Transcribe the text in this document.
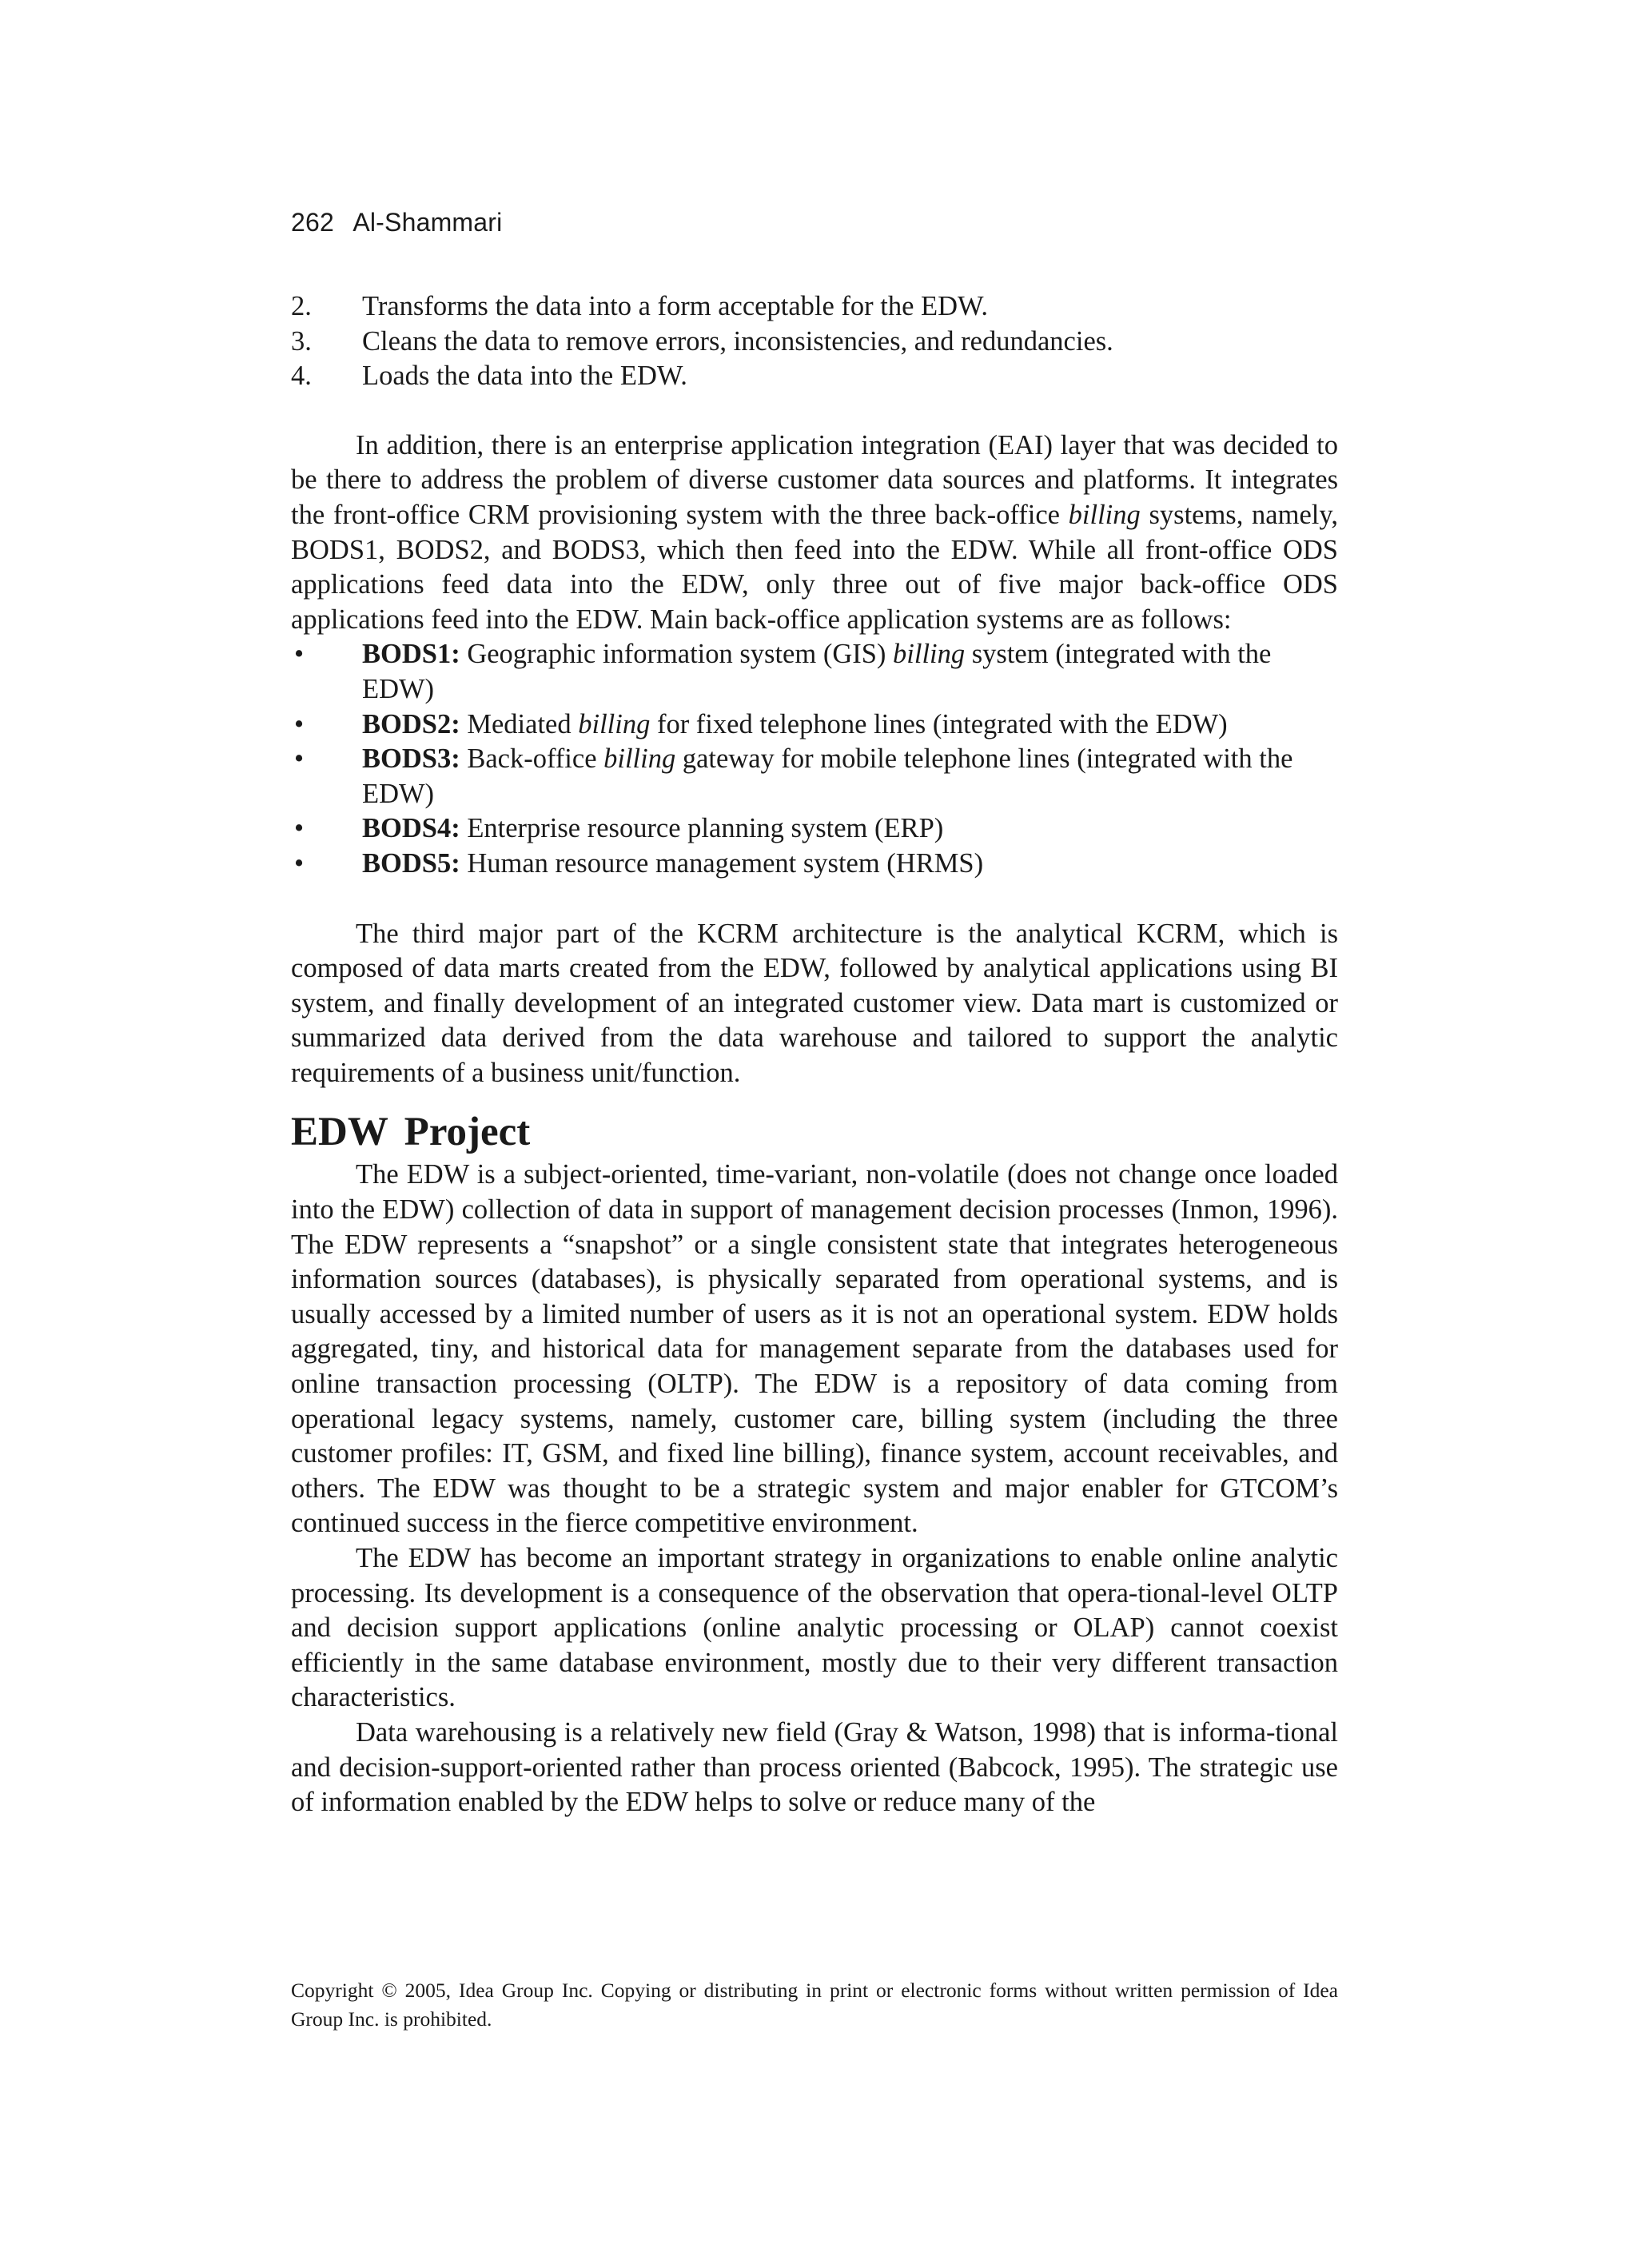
262 Al-Shammari
2. Transforms the data into a form acceptable for the EDW.
3. Cleans the data to remove errors, inconsistencies, and redundancies.
4. Loads the data into the EDW.

In addition, there is an enterprise application integration (EAI) layer that was decided to be there to address the problem of diverse customer data sources and platforms. It integrates the front-office CRM provisioning system with the three back-office billing systems, namely, BODS1, BODS2, and BODS3, which then feed into the EDW. While all front-office ODS applications feed data into the EDW, only three out of five major back-office ODS applications feed into the EDW. Main back-office application systems are as follows:

• BODS1: Geographic information system (GIS) billing system (integrated with the EDW)
• BODS2: Mediated billing for fixed telephone lines (integrated with the EDW)
• BODS3: Back-office billing gateway for mobile telephone lines (integrated with the EDW)
• BODS4: Enterprise resource planning system (ERP)
• BODS5: Human resource management system (HRMS)

The third major part of the KCRM architecture is the analytical KCRM, which is composed of data marts created from the EDW, followed by analytical applications using BI system, and finally development of an integrated customer view. Data mart is customized or summarized data derived from the data warehouse and tailored to support the analytic requirements of a business unit/function.

EDW Project

The EDW is a subject-oriented, time-variant, non-volatile (does not change once loaded into the EDW) collection of data in support of management decision processes (Inmon, 1996). The EDW represents a “snapshot” or a single consistent state that integrates heterogeneous information sources (databases), is physically separated from operational systems, and is usually accessed by a limited number of users as it is not an operational system. EDW holds aggregated, tiny, and historical data for management separate from the databases used for online transaction processing (OLTP). The EDW is a repository of data coming from operational legacy systems, namely, customer care, billing system (including the three customer profiles: IT, GSM, and fixed line billing), finance system, account receivables, and others. The EDW was thought to be a strategic system and major enabler for GTCOM’s continued success in the fierce competitive environment.

The EDW has become an important strategy in organizations to enable online analytic processing. Its development is a consequence of the observation that opera-tional-level OLTP and decision support applications (online analytic processing or OLAP) cannot coexist efficiently in the same database environment, mostly due to their very different transaction characteristics.

Data warehousing is a relatively new field (Gray & Watson, 1998) that is informa-tional and decision-support-oriented rather than process oriented (Babcock, 1995). The strategic use of information enabled by the EDW helps to solve or reduce many of the

Copyright © 2005, Idea Group Inc. Copying or distributing in print or electronic forms without written permission of Idea Group Inc. is prohibited.
